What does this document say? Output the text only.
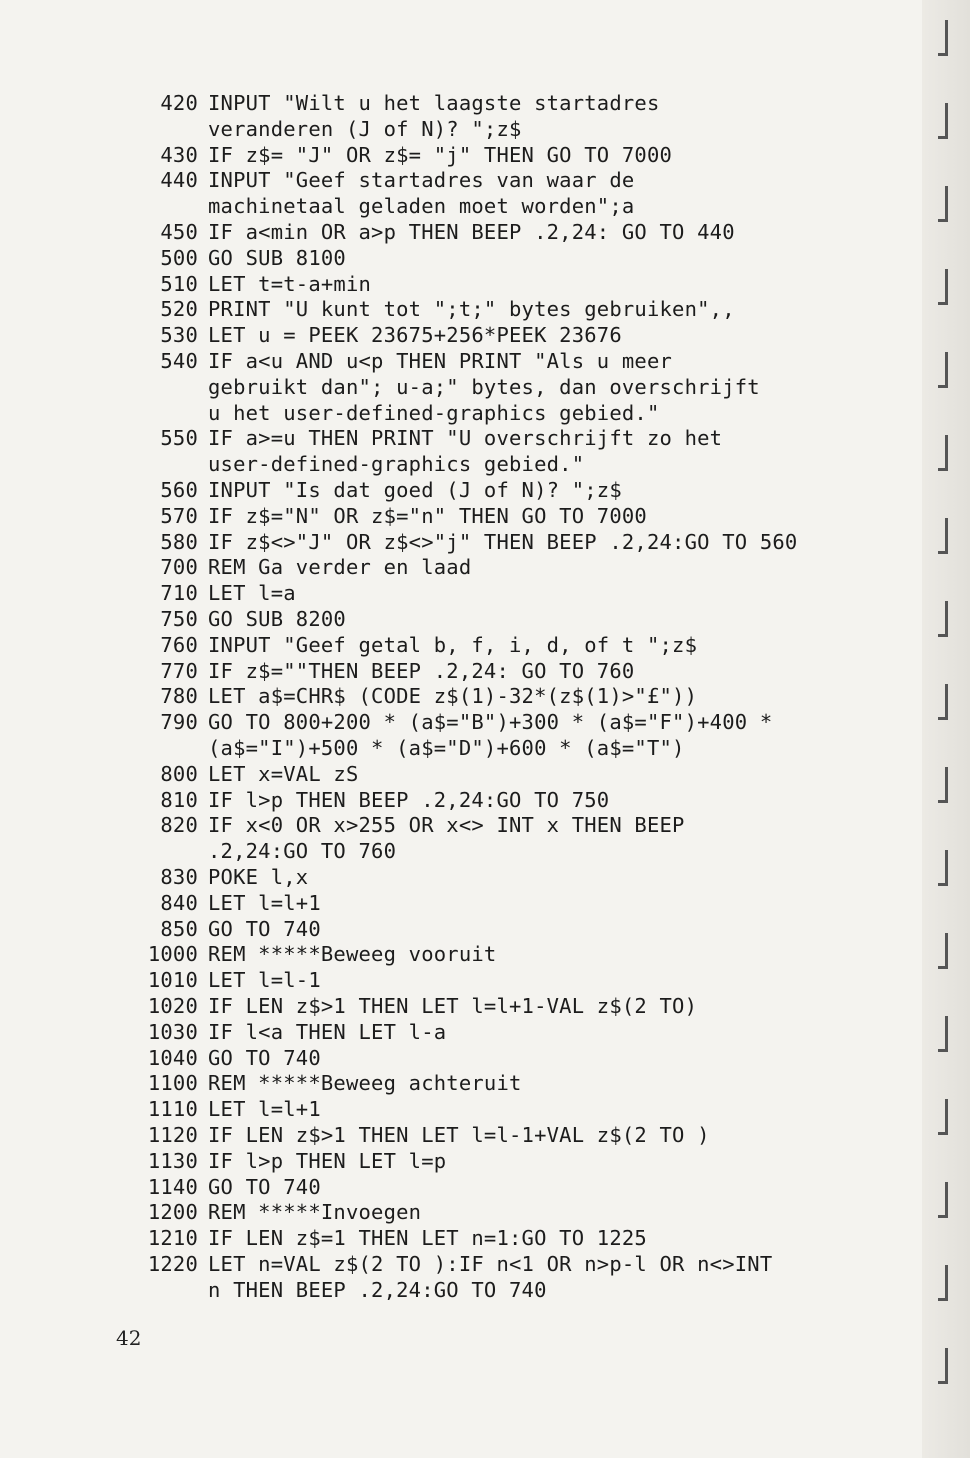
420 INPUT "Wilt u het laagste startadres
veranderen (J of N)? ";z$
430 IF z$= "J" OR z$= "j" THEN GO TO 7000
440 INPUT "Geef startadres van waar de
machinetaal geladen moet worden";a
450 IF a<min OR a>p THEN BEEP .2,24: GO TO 440
500 GO SUB 8100
510 LET t=t-a+min
520 PRINT "U kunt tot ";t;" bytes gebruiken",,
530 LET u = PEEK 23675+256*PEEK 23676
540 IF a<u AND u<p THEN PRINT "Als u meer
gebruikt dan"; u-a;" bytes, dan overschrijft
u het user-defined-graphics gebied."
550 IF a>=u THEN PRINT "U overschrijft zo het
user-defined-graphics gebied."
560 INPUT "Is dat goed (J of N)? ";z$
570 IF z$="N" OR z$="n" THEN GO TO 7000
580 IF z$<>"J" OR z$<>"j" THEN BEEP .2,24:GO TO 560
700 REM Ga verder en laad
710 LET l=a
750 GO SUB 8200
760 INPUT "Geef getal b, f, i, d, of t ";z$
770 IF z$=""THEN BEEP .2,24: GO TO 760
780 LET a$=CHR$ (CODE z$(1)-32*(z$(1)>"£"))
790 GO TO 800+200 * (a$="B")+300 * (a$="F")+400 *
(a$="I")+500 * (a$="D")+600 * (a$="T")
800 LET x=VAL zS
810 IF l>p THEN BEEP .2,24:GO TO 750
820 IF x<0 OR x>255 OR x<> INT x THEN BEEP
.2,24:GO TO 760
830 POKE l,x
840 LET l=l+1
850 GO TO 740
1000 REM *****Beweeg vooruit
1010 LET l=l-1
1020 IF LEN z$>1 THEN LET l=l+1-VAL z$(2 TO)
1030 IF l<a THEN LET l-a
1040 GO TO 740
1100 REM *****Beweeg achteruit
1110 LET l=l+1
1120 IF LEN z$>1 THEN LET l=l-1+VAL z$(2 TO )
1130 IF l>p THEN LET l=p
1140 GO TO 740
1200 REM *****Invoegen
1210 IF LEN z$=1 THEN LET n=1:GO TO 1225
1220 LET n=VAL z$(2 TO ):IF n<1 OR n>p-l OR n<>INT
n THEN BEEP .2,24:GO TO 740
42
